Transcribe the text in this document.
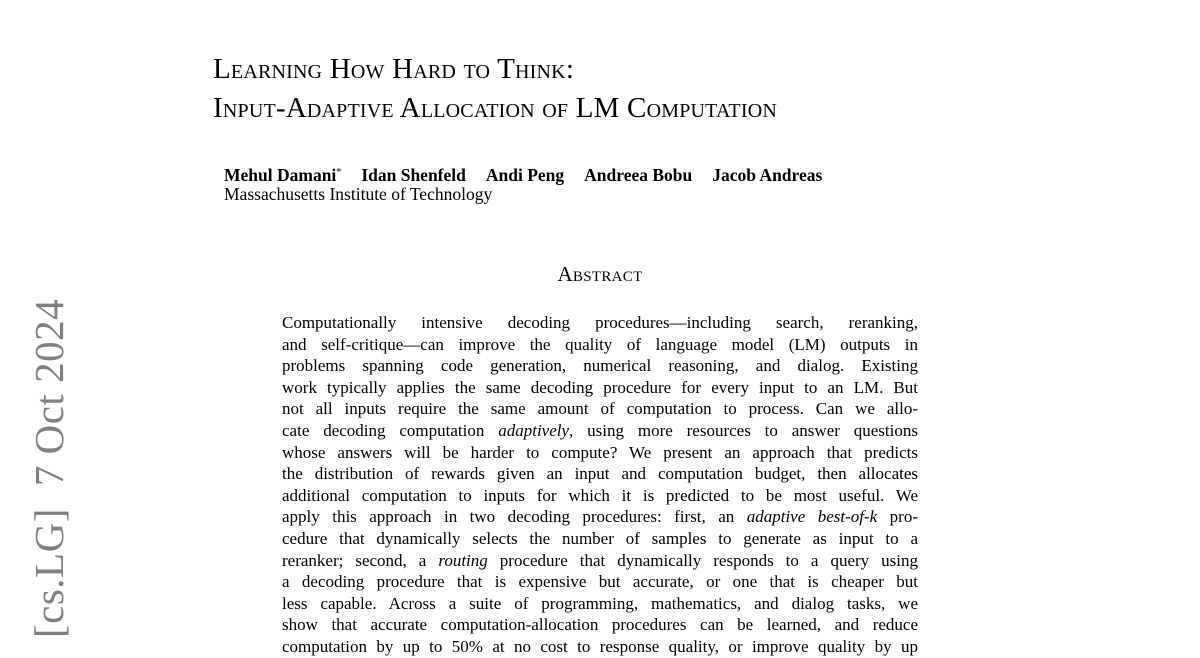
[cs.LG]7 Oct 2024
Learning How Hard to Think:
Input-Adaptive Allocation of LM Computation
Mehul Damani* Idan Shenfeld Andi Peng Andreea Bobu Jacob Andreas
Massachusetts Institute of Technology
Abstract
Computationally intensive decoding procedures—including search, reranking,
and self-critique—can improve the quality of language model (LM) outputs in
problems spanning code generation, numerical reasoning, and dialog. Existing
work typically applies the same decoding procedure for every input to an LM. But
not all inputs require the same amount of computation to process. Can we allo-
cate decoding computation adaptively, using more resources to answer questions
whose answers will be harder to compute? We present an approach that predicts
the distribution of rewards given an input and computation budget, then allocates
additional computation to inputs for which it is predicted to be most useful. We
apply this approach in two decoding procedures: first, an adaptive best-of-k pro-
cedure that dynamically selects the number of samples to generate as input to a
reranker; second, a routing procedure that dynamically responds to a query using
a decoding procedure that is expensive but accurate, or one that is cheaper but
less capable. Across a suite of programming, mathematics, and dialog tasks, we
show that accurate computation-allocation procedures can be learned, and reduce
computation by up to 50% at no cost to response quality, or improve quality by up
